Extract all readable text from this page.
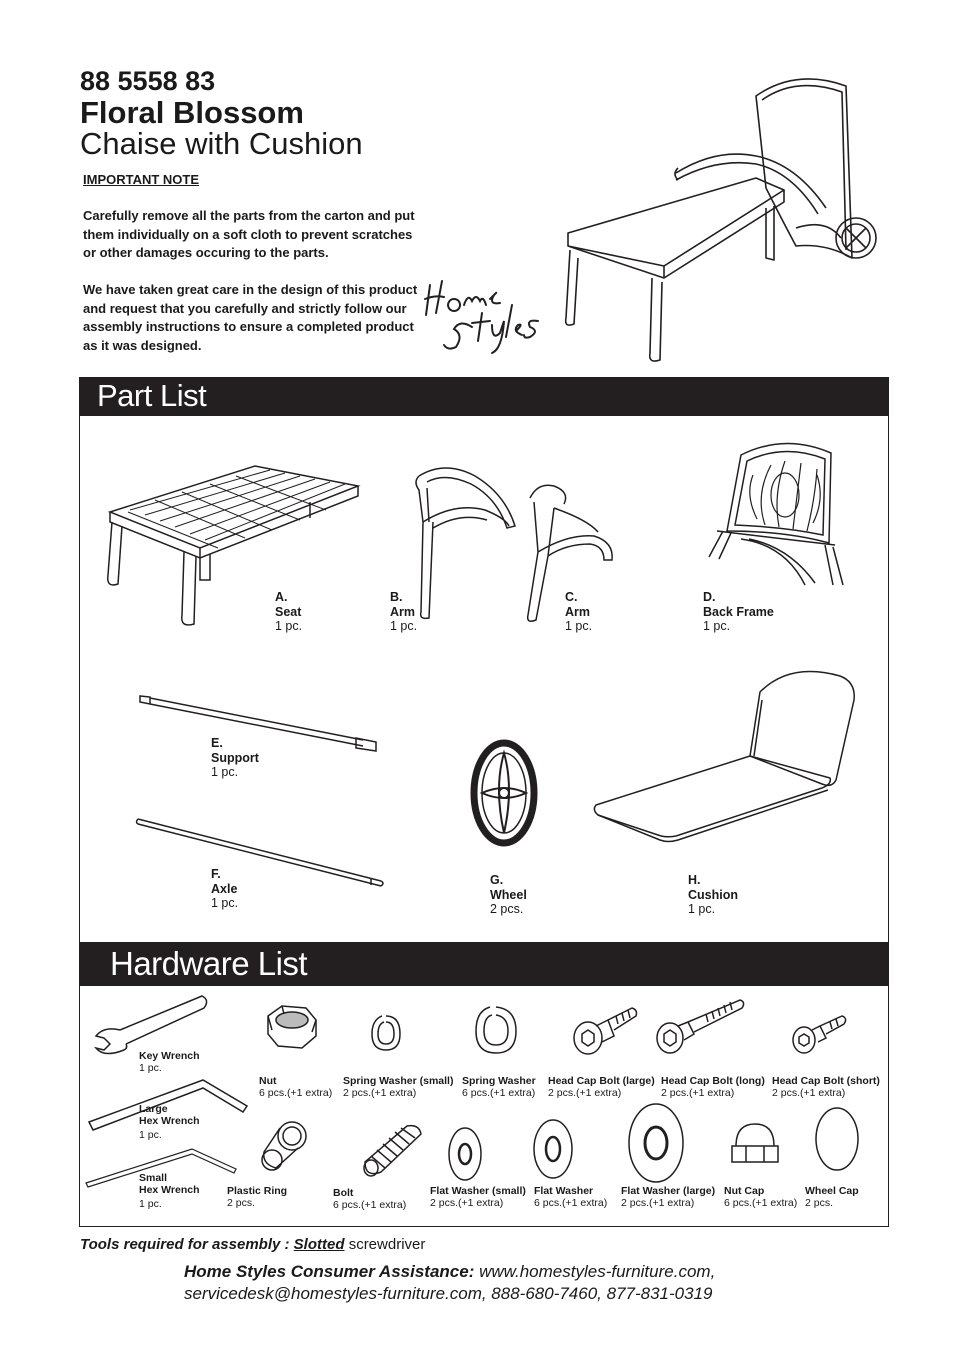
88 5558 83
Floral Blossom
Chaise with Cushion
IMPORTANT NOTE
Carefully remove all the parts from the carton and put them individually on a soft cloth to prevent scratches or other damages occuring to the parts.
We have taken great care in the design of this product and request that you carefully and strictly follow our assembly instructions to ensure a completed product as it was designed.
Part List
A.
Seat
1 pc.
B.
Arm
1 pc.
C.
Arm
1 pc.
D.
Back Frame
1 pc.
E.
Support
1 pc.
F.
Axle
1 pc.
G.
Wheel
2 pcs.
H.
Cushion
1 pc.
Hardware List
Key Wrench
1 pc.
Large
Hex Wrench
1 pc.
Small
Hex Wrench
1 pc.
Nut
6 pcs.(+1 extra)
Spring Washer (small)
2 pcs.(+1 extra)
Spring Washer
6 pcs.(+1 extra)
Head Cap Bolt (large)
2 pcs.(+1 extra)
Head Cap Bolt (long)
2 pcs.(+1 extra)
Head Cap Bolt (short)
2 pcs.(+1 extra)
Plastic Ring
2 pcs.
Bolt
6 pcs.(+1 extra)
Flat Washer (small)
2 pcs.(+1 extra)
Flat Washer
6 pcs.(+1 extra)
Flat Washer (large)
2 pcs.(+1 extra)
Nut Cap
6 pcs.(+1 extra)
Wheel Cap
2 pcs.
Tools required for assembly : Slotted screwdriver
Home Styles Consumer Assistance: www.homestyles-furniture.com,
servicedesk@homestyles-furniture.com, 888-680-7460, 877-831-0319
